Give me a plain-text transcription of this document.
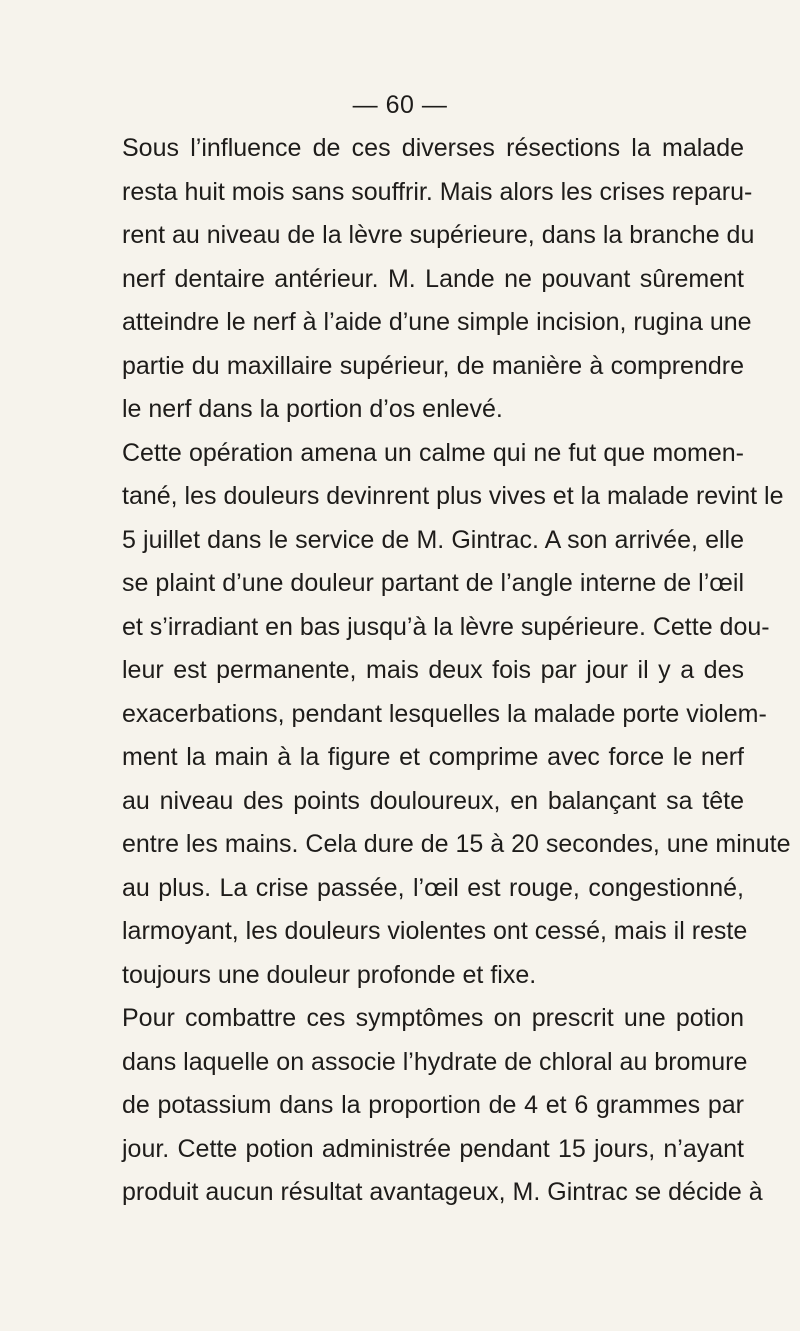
— 60 —
Sous l’influence de ces diverses résections la malade
resta huit mois sans souffrir. Mais alors les crises reparu-
rent au niveau de la lèvre supérieure, dans la branche du
nerf dentaire antérieur. M. Lande ne pouvant sûrement
atteindre le nerf à l’aide d’une simple incision, rugina une
partie du maxillaire supérieur, de manière à comprendre
le nerf dans la portion d’os enlevé.
Cette opération amena un calme qui ne fut que momen-
tané, les douleurs devinrent plus vives et la malade revint le
5 juillet dans le service de M. Gintrac. A son arrivée, elle
se plaint d’une douleur partant de l’angle interne de l’œil
et s’irradiant en bas jusqu’à la lèvre supérieure. Cette dou-
leur est permanente, mais deux fois par jour il y a des
exacerbations, pendant lesquelles la malade porte violem-
ment la main à la figure et comprime avec force le nerf
au niveau des points douloureux, en balançant sa tête
entre les mains. Cela dure de 15 à 20 secondes, une minute
au plus. La crise passée, l’œil est rouge, congestionné,
larmoyant, les douleurs violentes ont cessé, mais il reste
toujours une douleur profonde et fixe.
Pour combattre ces symptômes on prescrit une potion
dans laquelle on associe l’hydrate de chloral au bromure
de potassium dans la proportion de 4 et 6 grammes par
jour. Cette potion administrée pendant 15 jours, n’ayant
produit aucun résultat avantageux, M. Gintrac se décide à
